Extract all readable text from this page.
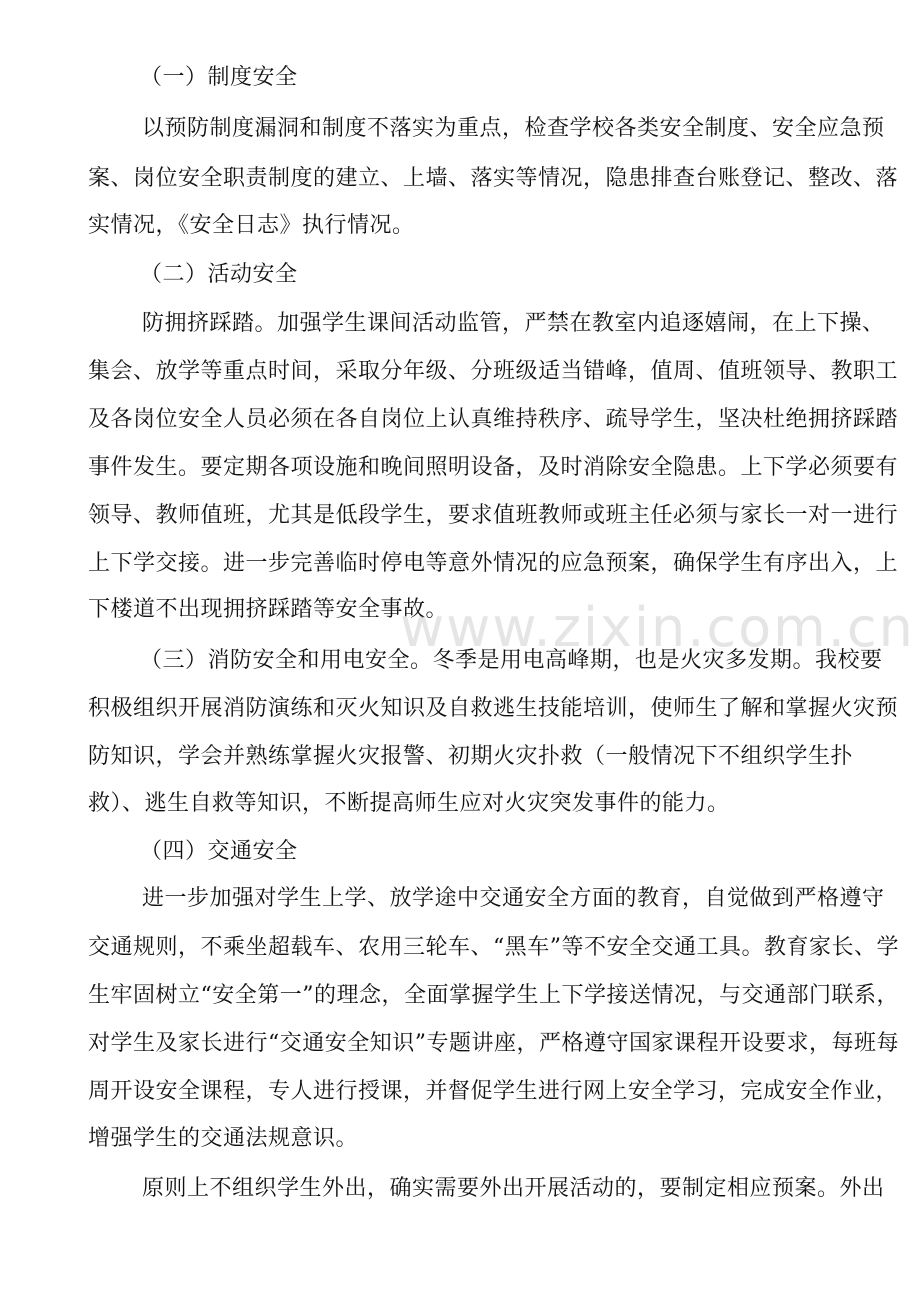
（一）制度安全
以预防制度漏洞和制度不落实为重点，检查学校各类安全制度、安全应急预
案、岗位安全职责制度的建立、上墙、落实等情况，隐患排查台账登记、整改、落
实情况，《安全日志》执行情况。
（二）活动安全
防拥挤踩踏。加强学生课间活动监管，严禁在教室内追逐嬉闹，在上下操、
集会、放学等重点时间，采取分年级、分班级适当错峰，值周、值班领导、教职工
及各岗位安全人员必须在各自岗位上认真维持秩序、疏导学生，坚决杜绝拥挤踩踏
事件发生。要定期各项设施和晚间照明设备，及时消除安全隐患。上下学必须要有
领导、教师值班，尤其是低段学生，要求值班教师或班主任必须与家长一对一进行
上下学交接。进一步完善临时停电等意外情况的应急预案，确保学生有序出入，上
下楼道不出现拥挤踩踏等安全事故。
（三）消防安全和用电安全。冬季是用电高峰期，也是火灾多发期。我校要
积极组织开展消防演练和灭火知识及自救逃生技能培训，使师生了解和掌握火灾预
防知识，学会并熟练掌握火灾报警、初期火灾扑救（一般情况下不组织学生扑
救）、逃生自救等知识，不断提高师生应对火灾突发事件的能力。
（四）交通安全
进一步加强对学生上学、放学途中交通安全方面的教育，自觉做到严格遵守
交通规则，不乘坐超载车、农用三轮车、“黑车”等不安全交通工具。教育家长、学
生牢固树立“安全第一”的理念，全面掌握学生上下学接送情况，与交通部门联系，
对学生及家长进行“交通安全知识”专题讲座，严格遵守国家课程开设要求，每班每
周开设安全课程，专人进行授课，并督促学生进行网上安全学习，完成安全作业，
增强学生的交通法规意识。
原则上不组织学生外出，确实需要外出开展活动的，要制定相应预案。外出
www.zixin.com.cn
